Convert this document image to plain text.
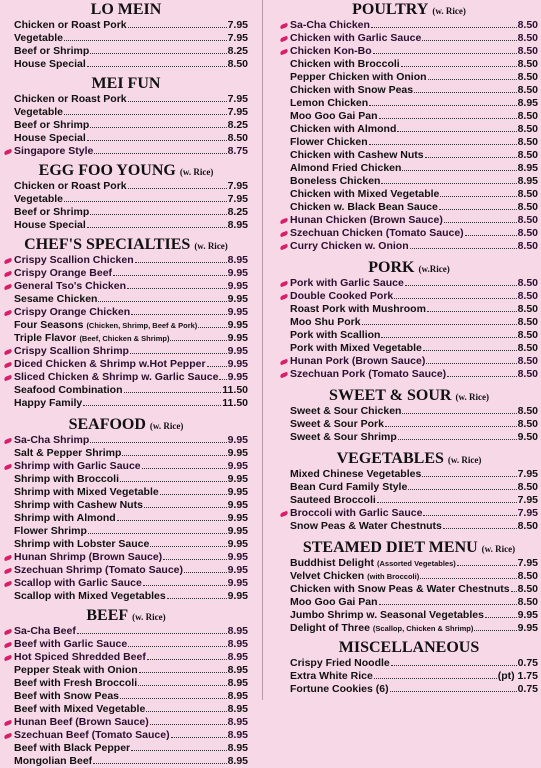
LO MEIN
Chicken or Roast Pork	7.95
Vegetable	7.95
Beef or Shrimp	8.25
House Special	8.50
MEI FUN
Chicken or Roast Pork	7.95
Vegetable	7.95
Beef or Shrimp	8.25
House Special	8.50
Singapore Style	8.75
EGG FOO YOUNG (w. Rice)
Chicken or Roast Pork	7.95
Vegetable	7.95
Beef or Shrimp	8.25
House Special	8.95
CHEF'S SPECIALTIES (w. Rice)
Crispy Scallion Chicken	8.95
Crispy Orange Beef	9.95
General Tso's Chicken	9.95
Sesame Chicken	9.95
Crispy Orange Chicken	9.95
Four Seasons (Chicken, Shrimp, Beef & Pork)	9.95
Triple Flavor (Beef, Chicken & Shrimp)	9.95
Crispy Scallion Shrimp	9.95
Diced Chicken & Shrimp w.Hot Pepper 9.95
Sliced Chicken & Shrimp w. Garlic Sauce 9.95
Seafood Combination	11.50
Happy Family	11.50
SEAFOOD (w. Rice)
Sa-Cha Shrimp	9.95
Salt & Pepper Shrimp	9.95
Shrimp with Garlic Sauce	9.95
Shrimp with Broccoli	9.95
Shrimp with Mixed Vegetable	9.95
Shrimp with Cashew Nuts	9.95
Shrimp with Almond	9.95
Flower Shrimp	9.95
Shrimp with Lobster Sauce	9.95
Hunan Shrimp (Brown Sauce)	9.95
Szechuan Shrimp (Tomato Sauce)	9.95
Scallop with Garlic Sauce	9.95
Scallop with Mixed Vegetables	9.95
BEEF (w. Rice)
Sa-Cha Beef	8.95
Beef with Garlic Sauce	8.95
Hot Spiced Shredded Beef	8.95
Pepper Steak with Onion	8.95
Beef with Fresh Broccoli	8.95
Beef with Snow Peas	8.95
Beef with Mixed Vegetable	8.95
Hunan Beef (Brown Sauce)	8.95
Szechuan Beef (Tomato Sauce)	8.95
Beef with Black Pepper	8.95
Mongolian Beef	8.95
POULTRY (w. Rice)
Sa-Cha Chicken	8.50
Chicken with Garlic Sauce	8.50
Chicken Kon-Bo	8.50
Chicken with Broccoli	8.50
Pepper Chicken with Onion	8.50
Chicken with Snow Peas	8.50
Lemon Chicken	8.95
Moo Goo Gai Pan	8.50
Chicken with Almond	8.50
Flower Chicken	8.50
Chicken with Cashew Nuts	8.50
Almond Fried Chicken	8.95
Boneless Chicken	8.95
Chicken with Mixed Vegetable	8.50
Chicken w. Black Bean Sauce	8.50
Hunan Chicken (Brown Sauce)	8.50
Szechuan Chicken (Tomato Sauce)	8.50
Curry Chicken w. Onion	8.50
PORK (w.Rice)
Pork with Garlic Sauce	8.50
Double Cooked Pork	8.50
Roast Pork with Mushroom	8.50
Moo Shu Pork	8.50
Pork with Scallion	8.50
Pork with Mixed Vegetable	8.50
Hunan Pork (Brown Sauce)	8.50
Szechuan Pork (Tomato Sauce)	8.50
SWEET & SOUR (w. Rice)
Sweet & Sour Chicken	8.50
Sweet & Sour Pork	8.50
Sweet & Sour Shrimp	9.50
VEGETABLES (w. Rice)
Mixed Chinese Vegetables	7.95
Bean Curd Family Style	8.50
Sauteed Broccoli	7.95
Broccoli with Garlic Sauce	7.95
Snow Peas & Water Chestnuts	8.50
STEAMED DIET MENU (w. Rice)
Buddhist Delight (Assorted Vegetables)	7.95
Velvet Chicken (with Broccoli)	8.50
Chicken with Snow Peas & Water Chestnuts 8.50
Moo Goo Gai Pan	8.50
Jumbo Shrimp w. Seasonal Vegetables	9.95
Delight of Three (Scallop, Chicken & Shrimp)	9.95
MISCELLANEOUS
Crispy Fried Noodle	0.75
Extra White Rice	(pt) 1.75
Fortune Cookies (6)	0.75
